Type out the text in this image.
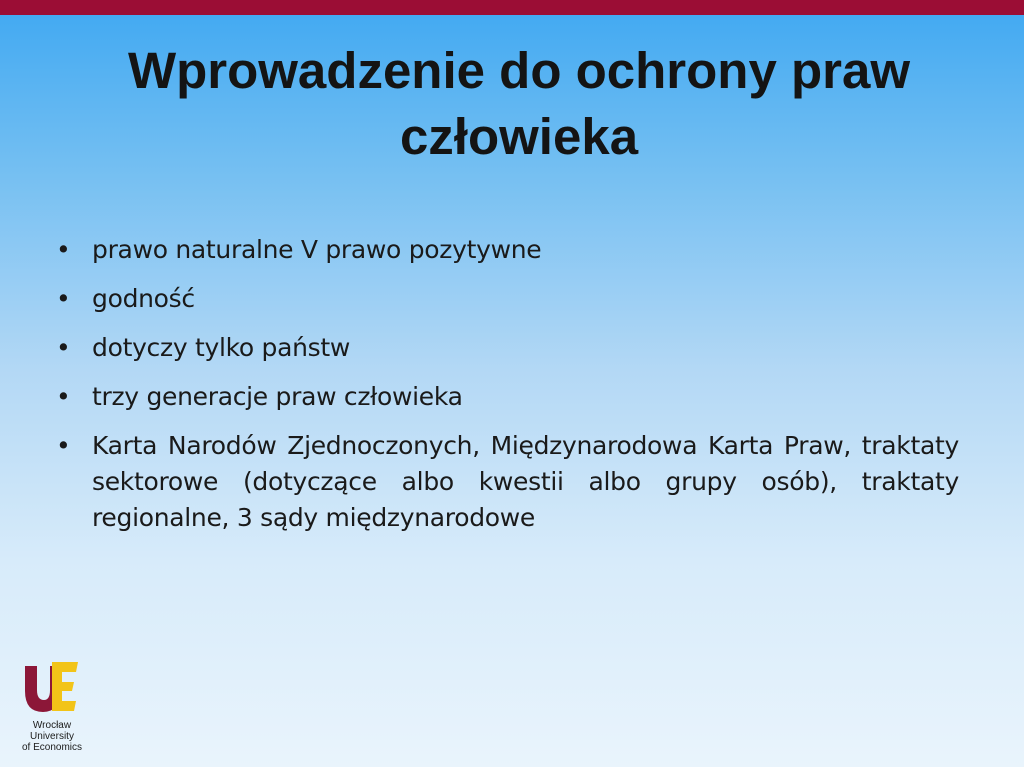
Wprowadzenie do ochrony praw
człowieka
• prawo naturalne V prawo pozytywne
• godność
• dotyczy tylko państw
• trzy generacje praw człowieka
• Karta Narodów Zjednoczonych, Międzynarodowa Karta Praw, traktaty sektorowe (dotyczące albo kwestii albo grupy osób), traktaty regionalne, 3 sądy międzynarodowe
Wrocław
University
of Economics
